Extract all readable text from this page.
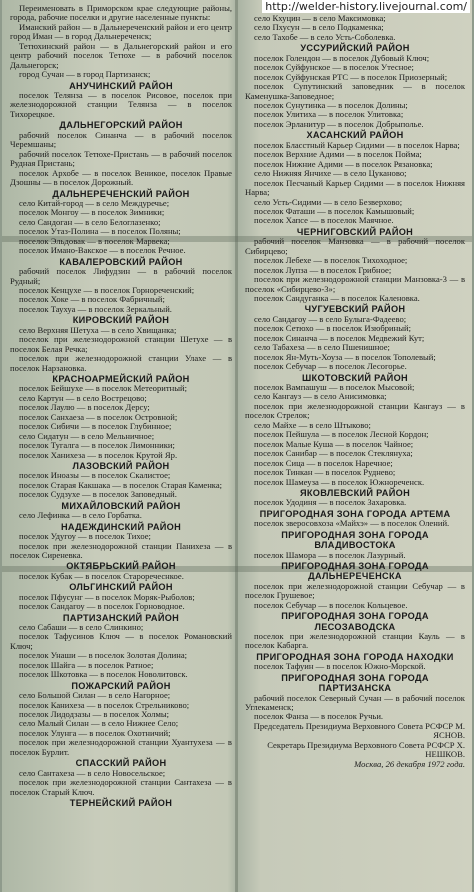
Переименовать в Приморском крае следующие районы, города, рабочие поселки и другие населенные пункты:

Иманский район — в Дальнереченский район и его центр город Иман — в город Дальнереченск;

Тетюхинский район — в Дальнегорский район и его центр рабочий поселок Тетюхе — в рабочий поселок Дальнегорск;

город Сучан — в город Партизанск;

АНУЧИНСКИЙ РАЙОН

поселок Телянза — в поселок Рисовое, поселок при железнодорожной станции Телянза — в поселок Тихорецкое.

ДАЛЬНЕГОРСКИЙ РАЙОН

рабочий поселок Синанча — в рабочий поселок Черемшаны;

рабочий поселок Тетюхе-Пристань — в рабочий поселок Рудная Пристань;

поселок Архобе — в поселок Веникое, поселок Правые Дзошны — в поселок Дорожный.

ДАЛЬНЕРЕЧЕНСКИЙ РАЙОН

село Китай-город — в село Междуречье;

поселок Монгоу — в поселок Зимники;

село Сандоган — в село Белоглазенко;

поселок Утаз-Полина — в поселок Поляны;

поселок Эльдовак — в поселок Марвека;

поселок Имано-Вакское — в поселок Речное.

КАВАЛЕРОВСКИЙ РАЙОН

рабочий поселок Лифудзин — в рабочий поселок Рудный;

поселок Кенцухе — в поселок Горнореченский;

поселок Хоке — в поселок Фабричный;

поселок Таухуа — в поселок Зеркальный.

КИРОВСКИЙ РАЙОН

село Верхняя Шетуха — в село Хвищанка;

поселок при железнодорожной станции Шетухе — в поселок Белая Речка;

поселок при железнодорожной станции Улахе — в поселок Нарзановка.

КРАСНОАРМЕЙСКИЙ РАЙОН

поселок Бейшухе — в поселок Метеоритный;

село Картун — в село Вострецово;

поселок Лаулю — в поселок Дерсу;

поселок Санхаеза — в поселок Островной;

поселок Сибичи — в поселок Глубинное;

село Сидатун — в село Мельничное;

поселок Тугалга — в поселок Лимонники;

поселок Ханихеза — в поселок Крутой Яр.

ЛАЗОВСКИЙ РАЙОН

поселок Иноазы — в поселок Скалистое;

поселок Старая Какшака — в поселок Старая Каменка;

поселок Судзухе — в поселок Заповедный.

МИХАЙЛОВСКИЙ РАЙОН

село Лефинка — в село Горбатка.

НАДЕЖДИНСКИЙ РАЙОН

поселок Удугоу — в поселок Тихое;

поселок при железнодорожной станции Панихеза — в поселок Сиреневка.

ОКТЯБРЬСКИЙ РАЙОН

поселок Кубак — в поселок Староречеснкое.

ОЛЬГИНСКИЙ РАЙОН

поселок Пфусунг — в поселок Моряк-Рыболов;

поселок Сандагоу — в поселок Горноводное.

ПАРТИЗАНСКИЙ РАЙОН

село Сабаши — в село Слинкино;

поселок Тафусинов Ключ — в поселок Романовский Ключ;

поселок Унаши — в поселок Золотая Долина;

поселок Шайга — в поселок Ратное;

поселок Шкотовка — в поселок Новолитовск.

ПОЖАРСКИЙ РАЙОН

село Большой Силан — в село Нагорное;

поселок Канихеза — в поселок Стрельниково;

поселок Лидодзазы — в поселок Холмы;

село Малый Силан — в село Нижнее Село;

поселок Улунга — в поселок Охотничий;

поселок при железнодорожной станции Хуантухеза — в поселок Бурлит.

СПАССКИЙ РАЙОН

село Сантахеза — в село Новосельское;

поселок при железнодорожной станции Сантахеза — в поселок Старый Ключ.

ТЕРНЕЙСКИЙ РАЙОН

село Кхуцин — в село Максимовка;

село Пхусун — в село Подкаменка;

село Тахобе — в село Усть-Соболевка.

УССУРИЙСКИЙ РАЙОН

поселок Голендон — в поселок Дубовый Ключ;

поселок Суйфунское — в поселок Утесное;

поселок Суйфунская РТС — в поселок Приозерный;

поселок Супутинский заповедник — в поселок Каменушка-Заповедное;

поселок Сунутинка — в поселок Долины;

поселок Улитиха — в поселок Улитовка;

поселок Эрланитур — в поселок Добрыполье.

ХАСАНСКИЙ РАЙОН

поселок Бласстный Карьер Сидими — в поселок Нарва;

поселок Верхние Адими — в поселок Пойма;

поселок Нижние Адими — в поселок Рязановка;

село Нижняя Янчихе — в село Цуканово;

поселок Песчаный Карьер Сидими — в поселок Нижняя Нарва;

село Усть-Сидими — в село Безверхово;

поселок Фаташи — в поселок Камышовый;

поселок Хапсе — в поселок Маячное.

ЧЕРНИГОВСКИЙ РАЙОН

рабочий поселок Манзовка — в рабочий поселок Сибирцево;

поселок Лебехе — в поселок Тихоходное;

поселок Лупза — в поселок Грибное;

поселок при железнодорожной станции Манзовка-3 — в поселок «Сибирцево-3»;

поселок Сандуганка — в поселок Каленовка.

ЧУГУЕВСКИЙ РАЙОН

село Сандагоу — в село Булыга-Фадеево;

поселок Сетюхо — в поселок Изюбриный;

поселок Синанча — в поселок Медвежий Кут;

село Табахеза — в село Пшенишное;

поселок Ян-Муть-Хоуза — в поселок Тополевый;

поселок Себучар — в поселок Лесогорье.

ШКОТОВСКИЙ РАЙОН

поселок Вампашуш — в поселок Мысовой;

село Кангауз — в село Анисимовка;

поселок при железнодорожной станции Кангауз — в поселок Стрелок;

село Майхе — в село Штыково;

поселок Пейшула — в поселок Лесной Кордон;

поселок Малые Куша — в поселок Чайное;

поселок Санибар — в поселок Стеклянуха;

поселок Сица — в поселок Наречное;

поселок Тинкан — в поселок Руднево;

поселок Шамеуза — в поселок Южнореченск.

ЯКОВЛЕВСКИЙ РАЙОН

поселок Удодиня — в поселок Захаровка.

ПРИГОРОДНАЯ ЗОНА ГОРОДА АРТЕМА

поселок зверосовхоза «Майхэ» — в поселок Олений.

ПРИГОРОДНАЯ ЗОНА ГОРОДА ВЛАДИВОСТОКА

поселок Шамора — в поселок Лазурный.

ПРИГОРОДНАЯ ЗОНА ГОРОДА ДАЛЬНЕРЕЧЕНСКА

поселок при железнодорожной станции Себучар — в поселок Грушевое;

поселок Себучар — в поселок Кольцевое.

ПРИГОРОДНАЯ ЗОНА ГОРОДА ЛЕСОЗАВОДСКА

поселок при железнодорожной станции Кауль — в поселок Кабарга.

ПРИГОРОДНАЯ ЗОНА ГОРОДА НАХОДКИ

поселок Тафуин — в поселок Южно-Морской.

ПРИГОРОДНАЯ ЗОНА ГОРОДА ПАРТИЗАНСКА

рабочий поселок Северный Сучан — в рабочий поселок Углекаменск;

поселок Фанза — в поселок Ручьи.

Председатель Президиума Верховного Совета РСФСР М. ЯСНОВ.

Секретарь Президиума Верховного Совета РСФСР Х. НЕШКОВ.

Москва, 26 декабря 1972 года.

http://welder-history.livejournal.com/
